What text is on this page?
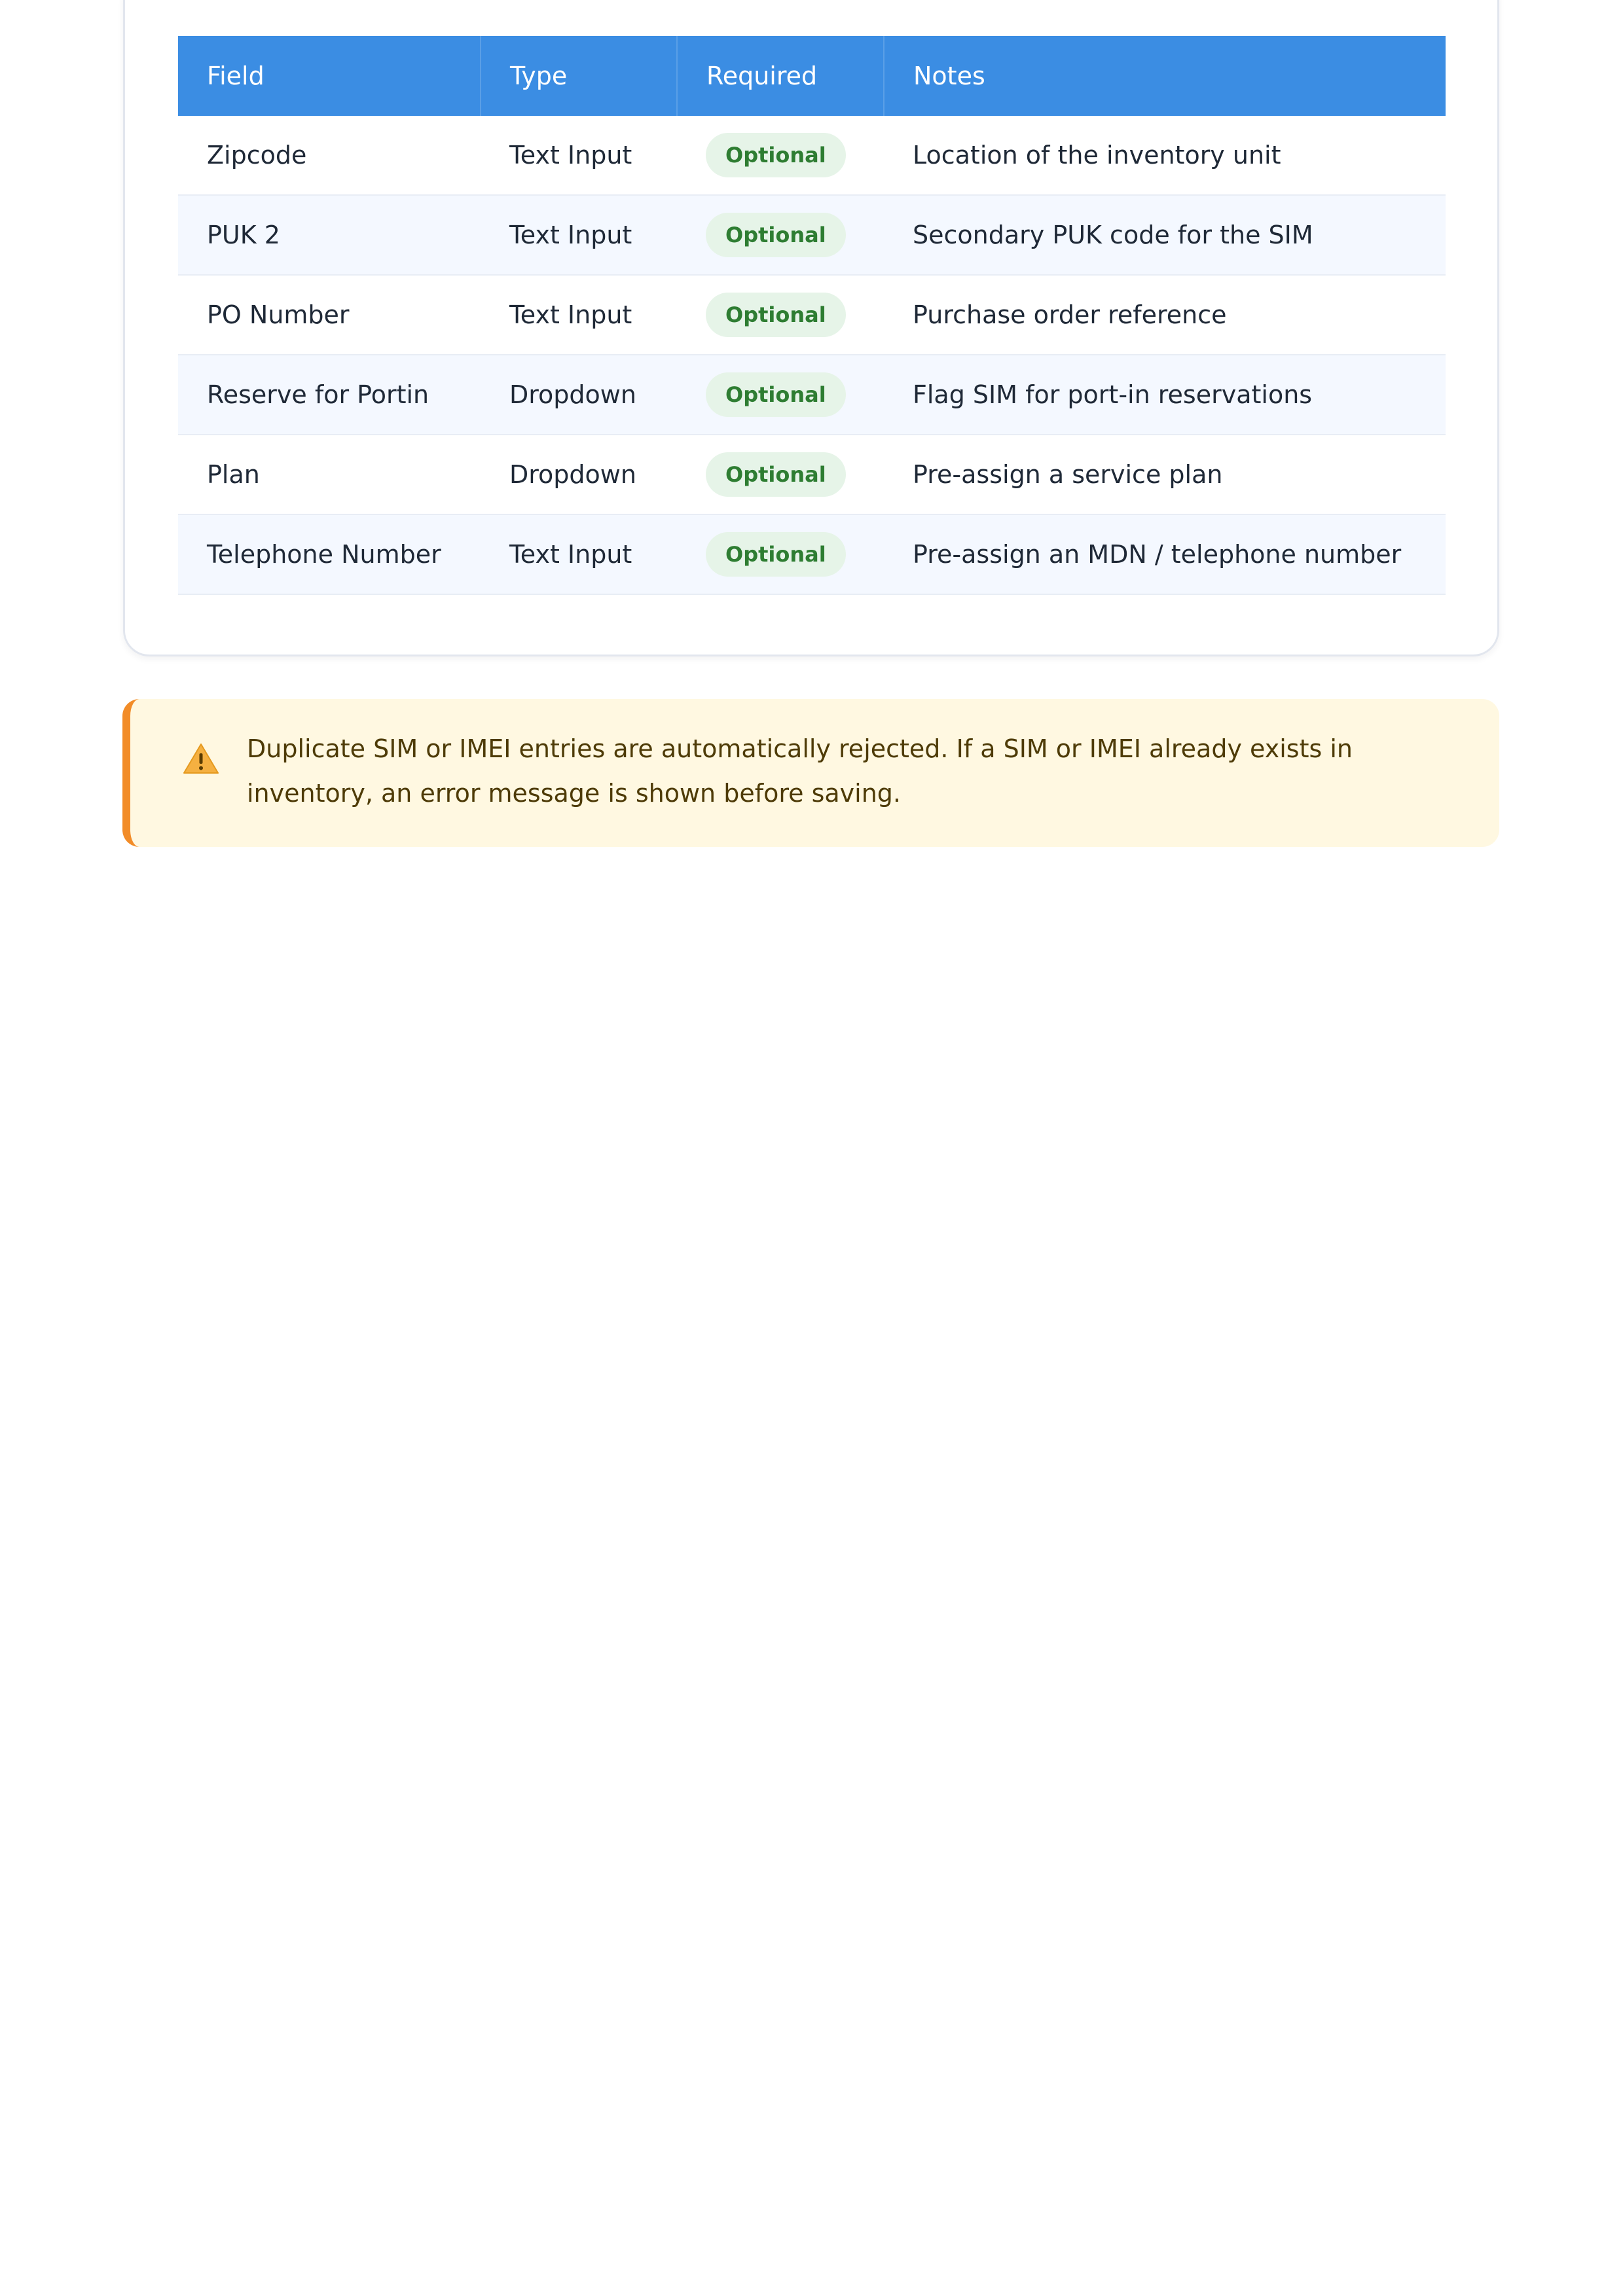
Field	Type	Required	Notes
Zipcode	Text Input	Optional	Location of the inventory unit
PUK 2	Text Input	Optional	Secondary PUK code for the SIM
PO Number	Text Input	Optional	Purchase order reference
Reserve for Portin	Dropdown	Optional	Flag SIM for port-in reservations
Plan	Dropdown	Optional	Pre-assign a service plan
Telephone Number	Text Input	Optional	Pre-assign an MDN / telephone number

Duplicate SIM or IMEI entries are automatically rejected. If a SIM or IMEI already exists in inventory, an error message is shown before saving.
